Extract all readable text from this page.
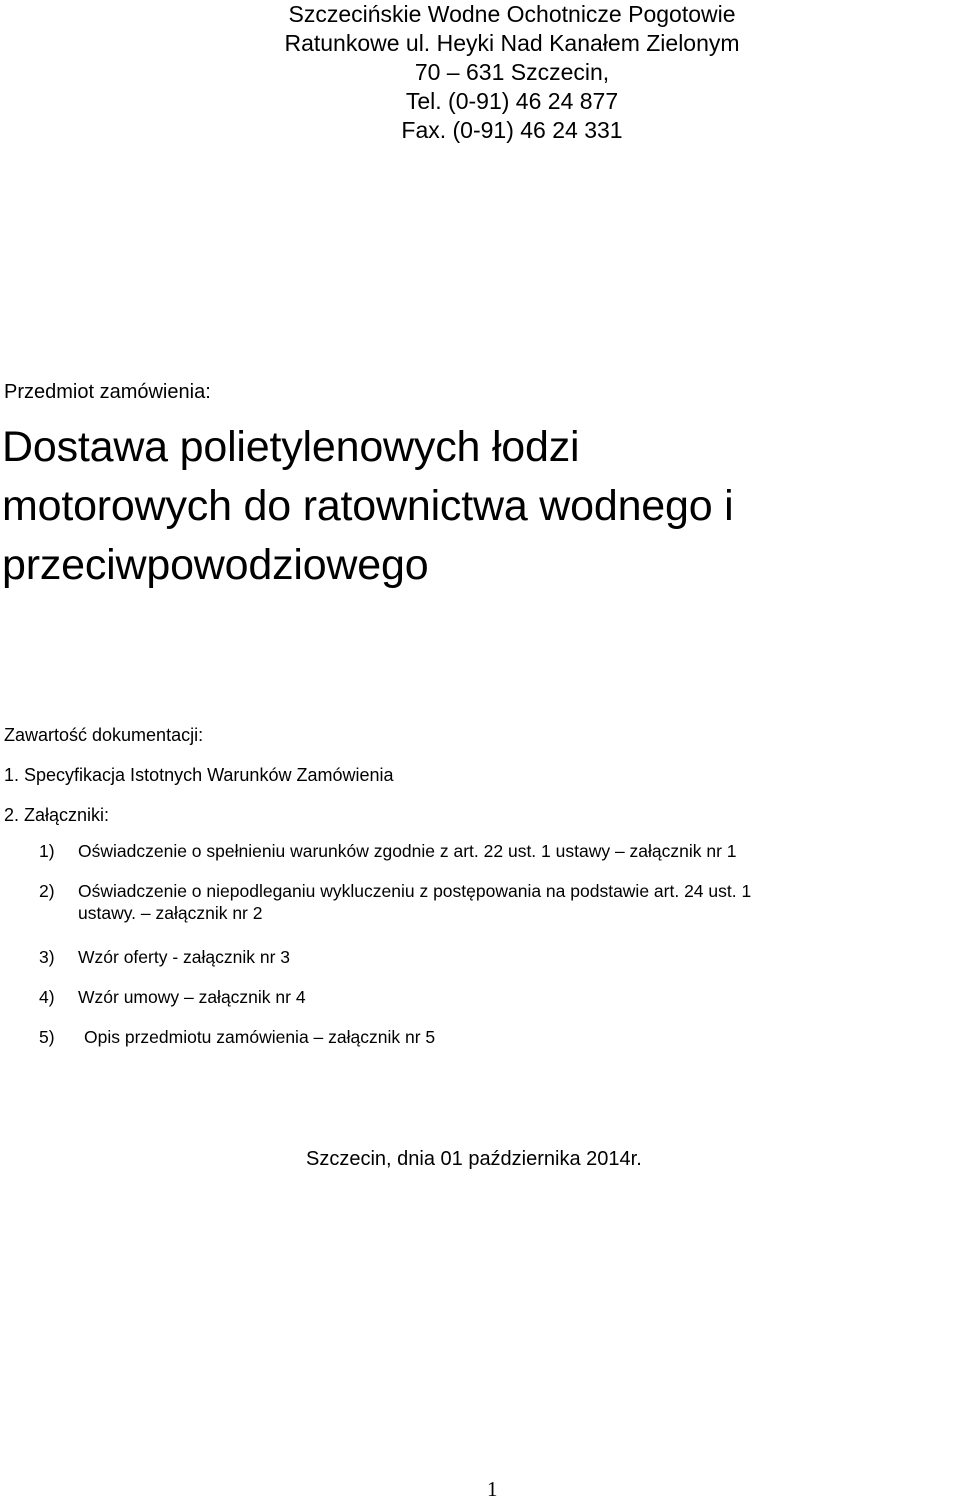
Szczecińskie Wodne Ochotnicze Pogotowie
Ratunkowe ul. Heyki Nad Kanałem Zielonym
70 – 631 Szczecin,
Tel. (0-91) 46 24 877
Fax. (0-91) 46 24 331
Przedmiot zamówienia:
Dostawa polietylenowych łodzi
motorowych do ratownictwa wodnego i
przeciwpowodziowego
Zawartość dokumentacji:
1. Specyfikacja Istotnych Warunków Zamówienia
2. Załączniki:
1)	Oświadczenie o spełnieniu warunków zgodnie z art. 22 ust. 1 ustawy – załącznik nr 1
2) Oświadczenie o niepodleganiu wykluczeniu z postępowania na podstawie art. 24 ust. 1
ustawy. – załącznik nr 2
3)	Wzór oferty - załącznik nr 3
4)	Wzór umowy – załącznik nr 4
5)	Opis przedmiotu zamówienia – załącznik nr 5
Szczecin, dnia 01 października 2014r.
1
